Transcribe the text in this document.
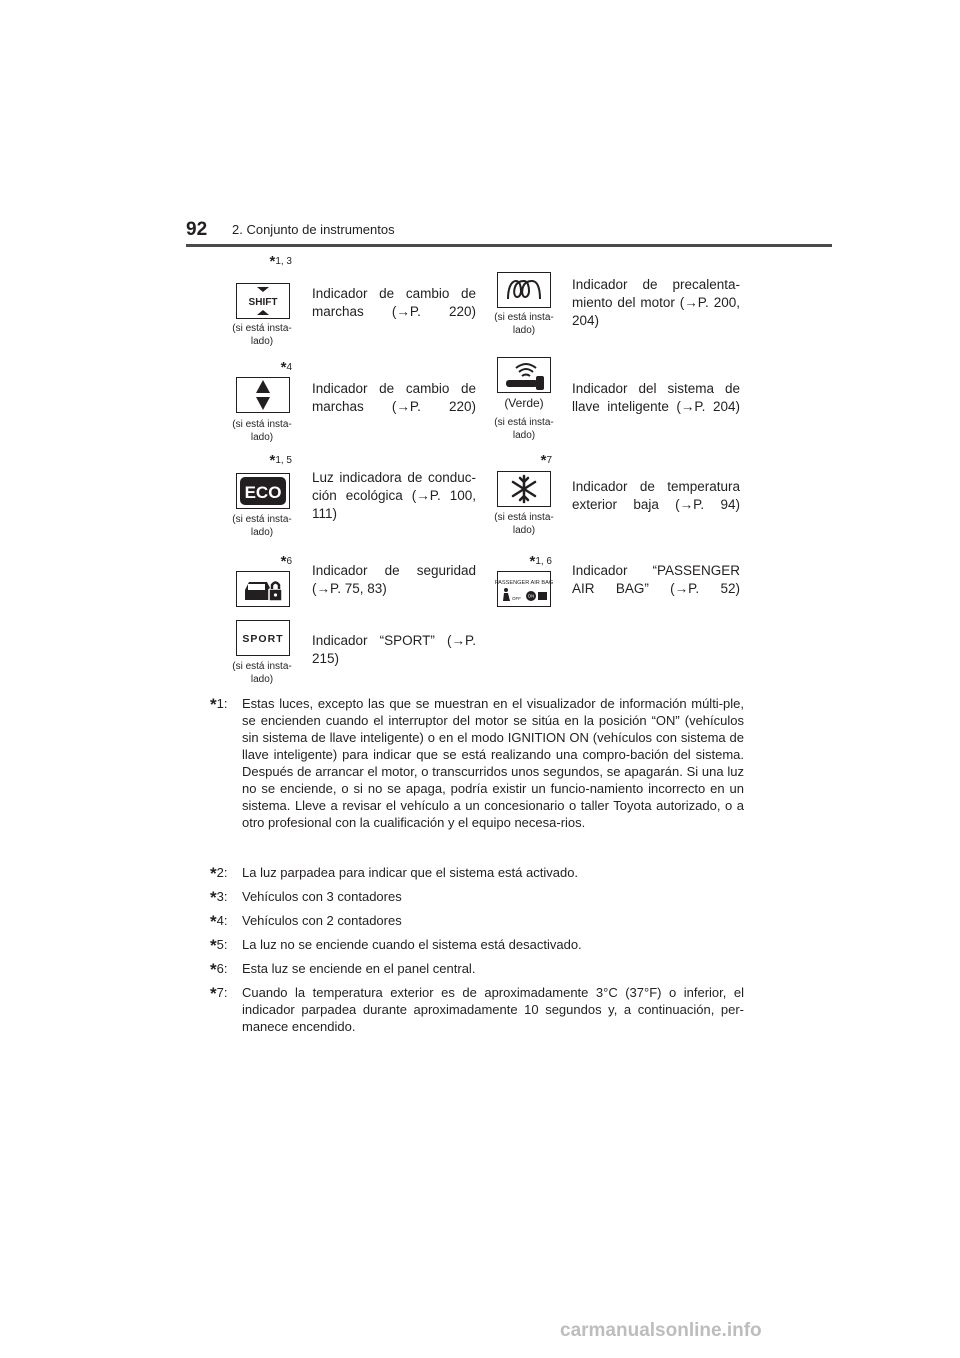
92 2. Conjunto de instrumentos
*1, 3
SHIFT
(si está insta-lado)
Indicador de cambio de marchas (→P. 220)	(si está insta-lado)
Indicador de precalenta-miento del motor (→P. 200, 204)
*4
(si está insta-lado)
Indicador de cambio de marchas (→P. 220)	(Verde)
(si está insta-lado)
Indicador del sistema de llave inteligente (→P. 204)
*1, 5
ECO
(si está insta-lado)
Luz indicadora de conduc-ción ecológica (→P. 100, 111)
*7
(si está insta-lado)
Indicador de temperatura exterior baja (→P. 94)
*6
Indicador de seguridad (→P. 75, 83)
*1, 6
PASSENGER AIR BAG
OFF ON
Indicador “PASSENGER AIR BAG” (→P. 52)
SPORT
(si está insta-lado)
Indicador “SPORT” (→P. 215)
*1: Estas luces, excepto las que se muestran en el visualizador de información múlti-ple, se encienden cuando el interruptor del motor se sitúa en la posición “ON” (vehículos sin sistema de llave inteligente) o en el modo IGNITION ON (vehículos con sistema de llave inteligente) para indicar que se está realizando una compro-bación del sistema. Después de arrancar el motor, o transcurridos unos segundos, se apagarán. Si una luz no se enciende, o si no se apaga, podría existir un funcio-namiento incorrecto en un sistema. Lleve a revisar el vehículo a un concesionario o taller Toyota autorizado, o a otro profesional con la cualificación y el equipo necesa-rios.
*2: La luz parpadea para indicar que el sistema está activado.
*3: Vehículos con 3 contadores
*4: Vehículos con 2 contadores
*5: La luz no se enciende cuando el sistema está desactivado.
*6: Esta luz se enciende en el panel central.
*7: Cuando la temperatura exterior es de aproximadamente 3°C (37°F) o inferior, el indicador parpadea durante aproximadamente 10 segundos y, a continuación, per-manece encendido.
carmanualsonline.info
